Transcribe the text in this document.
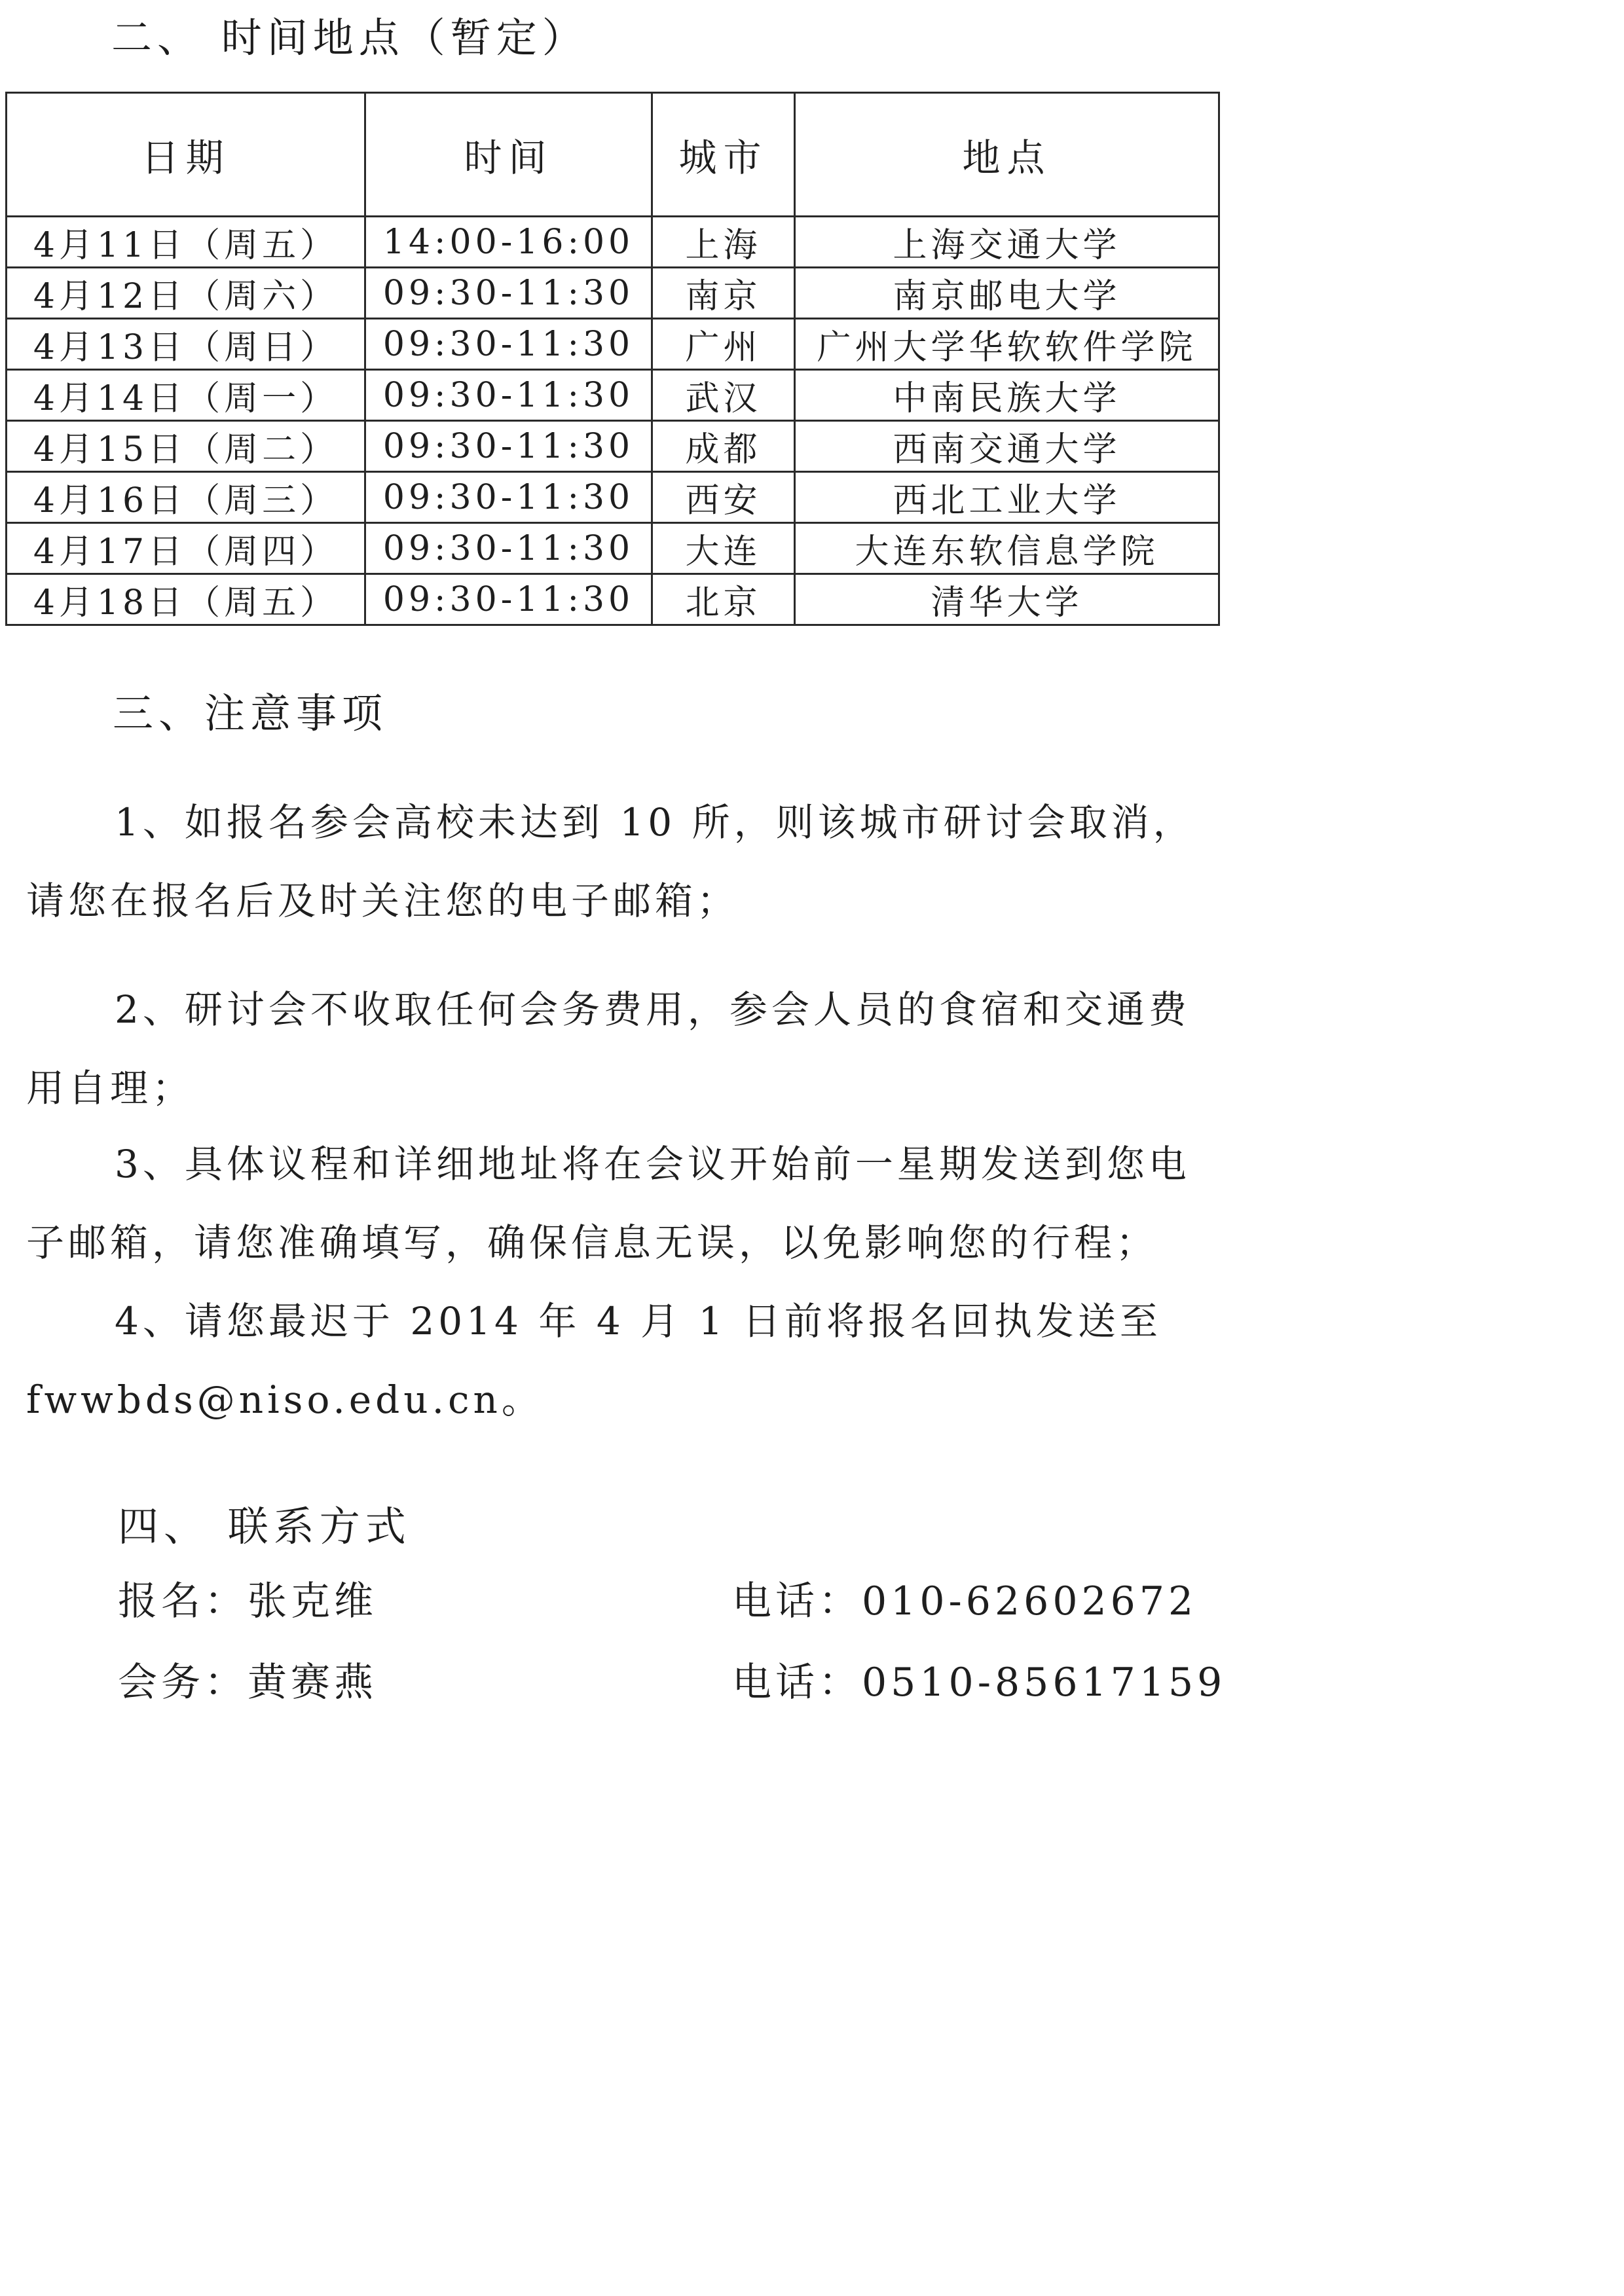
二、 时间地点（暂定）
日期	时间	城市	地点
4月11日（周五）	14:00-16:00	上海	上海交通大学
4月12日（周六）	09:30-11:30	南京	南京邮电大学
4月13日（周日）	09:30-11:30	广州	广州大学华软软件学院
4月14日（周一）	09:30-11:30	武汉	中南民族大学
4月15日（周二）	09:30-11:30	成都	西南交通大学
4月16日（周三）	09:30-11:30	西安	西北工业大学
4月17日（周四）	09:30-11:30	大连	大连东软信息学院
4月18日（周五）	09:30-11:30	北京	清华大学
三、注意事项

1、如报名参会高校未达到 10 所，则该城市研讨会取消，请您在报名后及时关注您的电子邮箱；

2、研讨会不收取任何会务费用，参会人员的食宿和交通费用自理；

3、具体议程和详细地址将在会议开始前一星期发送到您电子邮箱，请您准确填写，确保信息无误，以免影响您的行程；

4、请您最迟于 2014 年 4 月 1 日前将报名回执发送至fwwbds@niso.edu.cn。

四、 联系方式
报名：张克维	电话：010-62602672
会务：黄赛燕	电话：0510-85617159
